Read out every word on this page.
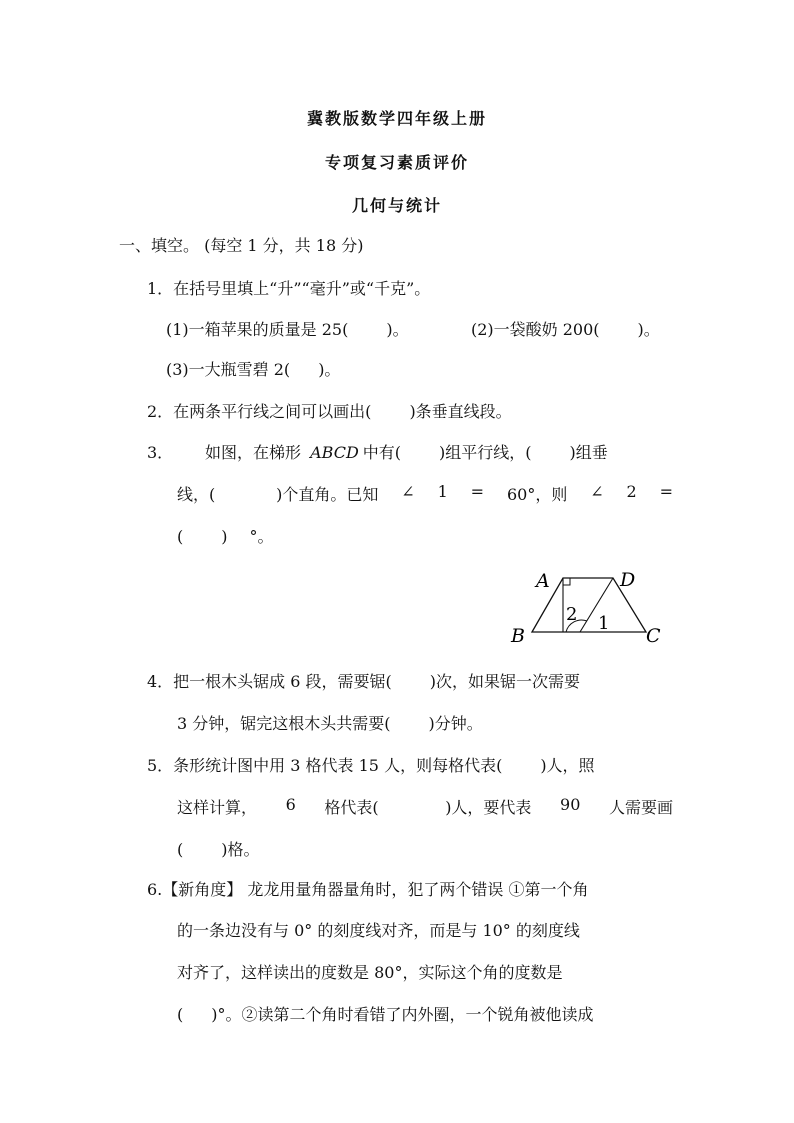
冀教版数学四年级上册
专项复习素质评价
几何与统计
一、填空。 (每空 1 分，共 18 分)
1．在括号里填上“升”“毫升”或“千克”。
(1)一箱苹果的质量是 25( )。	(2)一袋酸奶 200( )。
(3)一大瓶雪碧 2( )。
2．在两条平行线之间可以画出( )条垂直线段。
3． 如图，在梯形 ABCD 中有( )组平行线，( )组垂
线，(	)个直角。已知 ∠ 1 = 60°，则 ∠ 2 =
( ) °。
A	D
B	C
2 1
4．把一根木头锯成 6 段，需要锯( )次，如果锯一次需要
3 分钟，锯完这根木头共需要( )分钟。
5．条形统计图中用 3 格代表 15 人，则每格代表( )人，照
这样计算， 6 格代表(	)人，要代表 90 人需要画
( )格。
6.【新角度】 龙龙用量角器量角时，犯了两个错误 ①第一个角
的一条边没有与 0° 的刻度线对齐，而是与 10° 的刻度线
对齐了，这样读出的度数是 80°，实际这个角的度数是
( )°。②读第二个角时看错了内外圈，一个锐角被他读成
